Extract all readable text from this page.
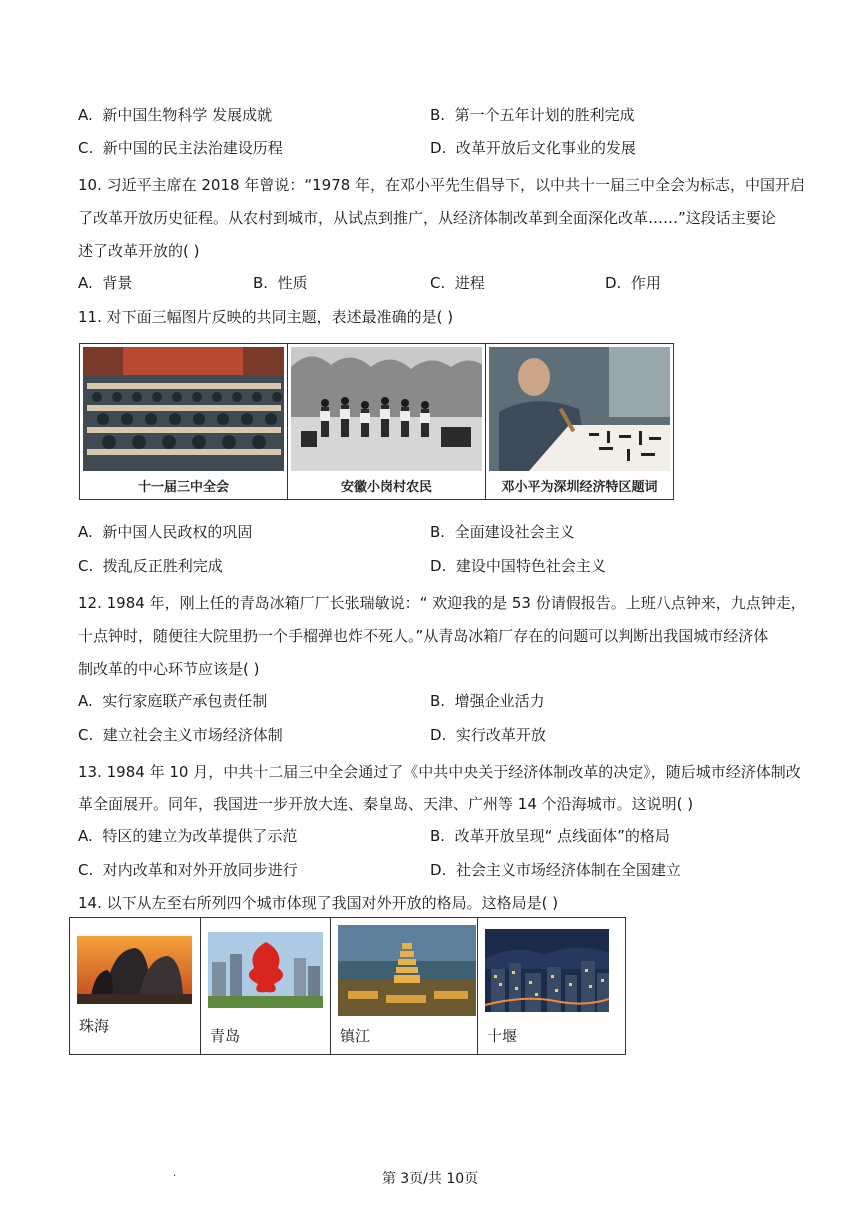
A. 新中国生物科学 发展成就	B. 第一个五年计划的胜利完成
C. 新中国的民主法治建设历程	D. 改革开放后文化事业的发展
10. 习近平主席在 2018 年曾说：“1978 年，在邓小平先生倡导下，以中共十一届三中全会为标志，中国开启
了改革开放历史征程。从农村到城市，从试点到推广，从经济体制改革到全面深化改革……”这段话主要论
述了改革开放的( )
A. 背景	B. 性质	C. 进程	D. 作用
11. 对下面三幅图片反映的共同主题，表述最准确的是( )
十一届三中全会	安徽小岗村农民	邓小平为深圳经济特区题词
A. 新中国人民政权的巩固	B. 全面建设社会主义
C. 拨乱反正胜利完成	D. 建设中国特色社会主义
12. 1984 年，刚上任的青岛冰箱厂厂长张瑞敏说：“ 欢迎我的是 53 份请假报告。上班八点钟来，九点钟走，
十点钟时，随便往大院里扔一个手榴弹也炸不死人。”从青岛冰箱厂存在的问题可以判断出我国城市经济体
制改革的中心环节应该是( )
A. 实行家庭联产承包责任制	B. 增强企业活力
C. 建立社会主义市场经济体制	D. 实行改革开放
13. 1984 年 10 月，中共十二届三中全会通过了《中共中央关于经济体制改革的决定》，随后城市经济体制改
革全面展开。同年，我国进一步开放大连、秦皇岛、天津、广州等 14 个沿海城市。这说明( )
A. 特区的建立为改革提供了示范	B. 改革开放呈现“ 点线面体”的格局
C. 对内改革和对外开放同步进行	D. 社会主义市场经济体制在全国建立
14. 以下从左至右所列四个城市体现了我国对外开放的格局。这格局是( )
珠海
青岛	镇江	十堰
.	第 3页/共 10页
